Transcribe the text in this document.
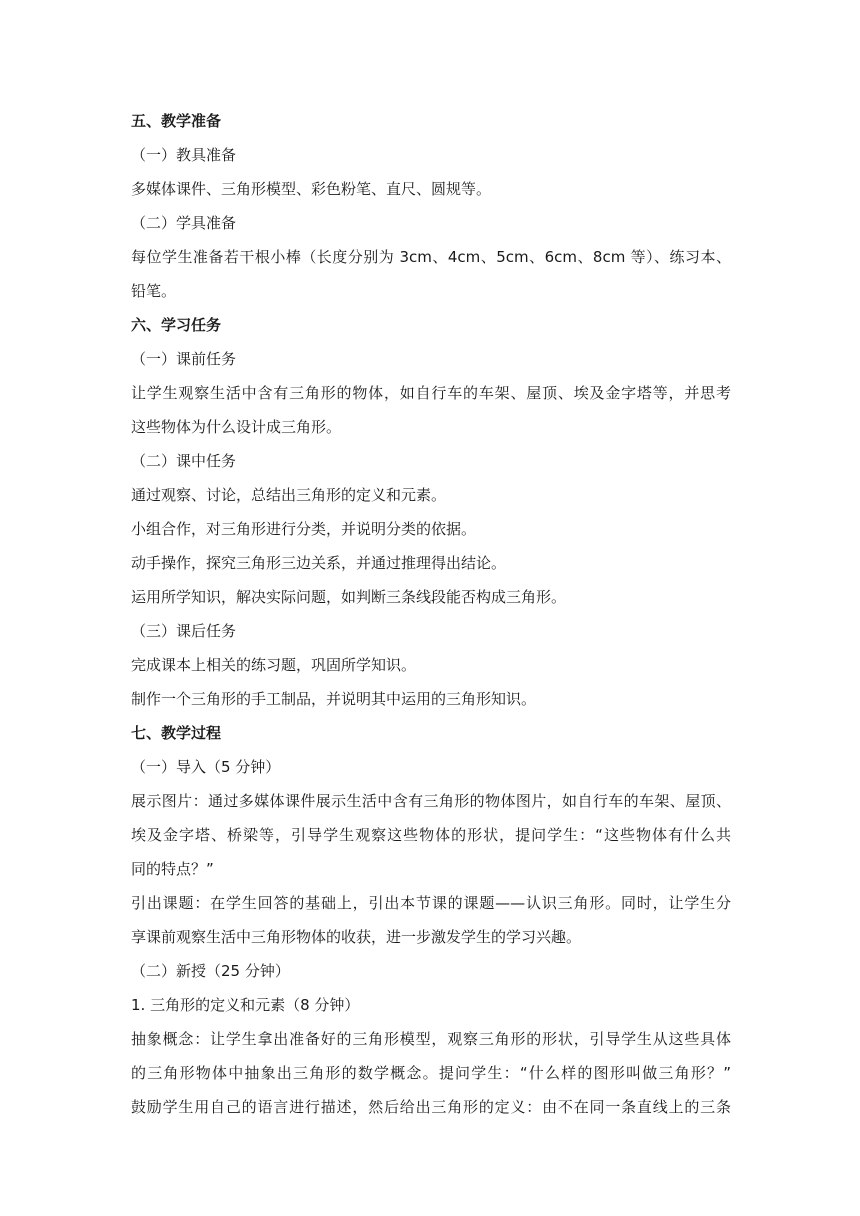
五、教学准备
（一）教具准备
多媒体课件、三角形模型、彩色粉笔、直尺、圆规等。
（二）学具准备
每位学生准备若干根小棒（长度分别为 3cm、4cm、5cm、6cm、8cm 等）、练习本、
铅笔。
六、学习任务
（一）课前任务
让学生观察生活中含有三角形的物体，如自行车的车架、屋顶、埃及金字塔等，并思考
这些物体为什么设计成三角形。
（二）课中任务
通过观察、讨论，总结出三角形的定义和元素。
小组合作，对三角形进行分类，并说明分类的依据。
动手操作，探究三角形三边关系，并通过推理得出结论。
运用所学知识，解决实际问题，如判断三条线段能否构成三角形。
（三）课后任务
完成课本上相关的练习题，巩固所学知识。
制作一个三角形的手工制品，并说明其中运用的三角形知识。
七、教学过程
（一）导入（5 分钟）
展示图片：通过多媒体课件展示生活中含有三角形的物体图片，如自行车的车架、屋顶、
埃及金字塔、桥梁等，引导学生观察这些物体的形状，提问学生：“这些物体有什么共
同的特点？”
引出课题：在学生回答的基础上，引出本节课的课题——认识三角形。同时，让学生分
享课前观察生活中三角形物体的收获，进一步激发学生的学习兴趣。
（二）新授（25 分钟）
1. 三角形的定义和元素（8 分钟）
抽象概念：让学生拿出准备好的三角形模型，观察三角形的形状，引导学生从这些具体
的三角形物体中抽象出三角形的数学概念。提问学生：“什么样的图形叫做三角形？”
鼓励学生用自己的语言进行描述，然后给出三角形的定义：由不在同一条直线上的三条
